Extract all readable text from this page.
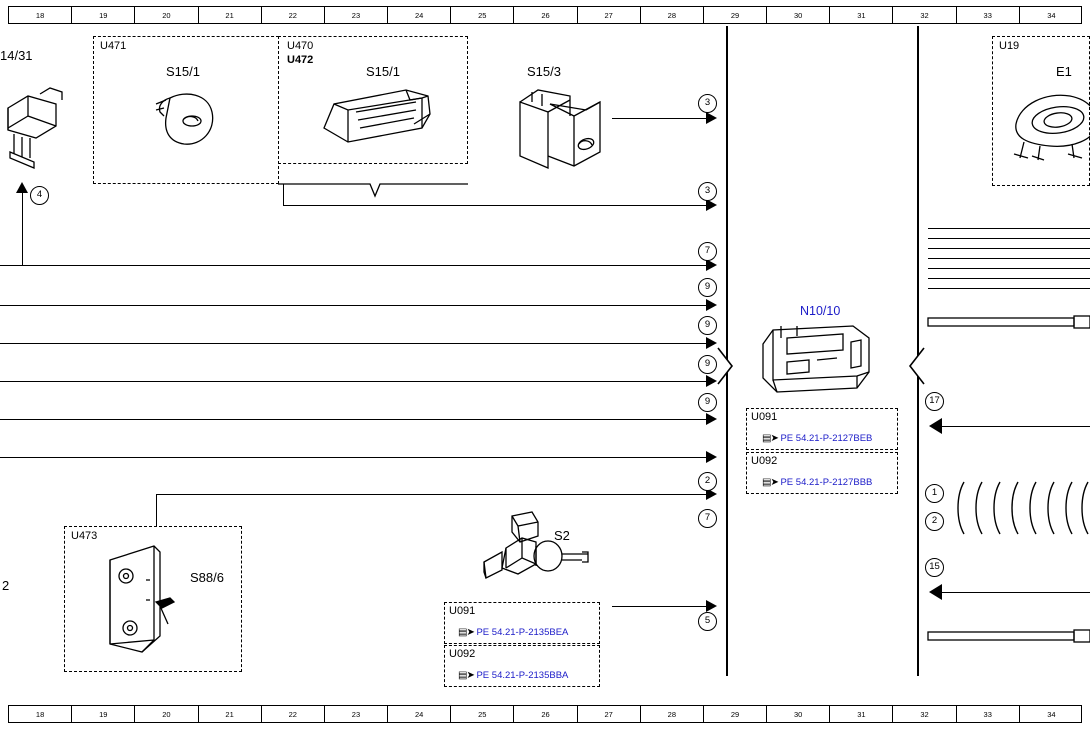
18	19	20	21	22	23	24	25	26	27	28	29	30	31	32	33	34
18	19	20	21	22	23	24	25	26	27	28	29	30	31	32	33	34
14/31
2
U471
S15/1
U470
U472
S15/1	S15/3
N10/10
S2
U473
S88/6
3
3
7
9
9
9
9
2
7
4
5
U091
▤➤ PE 54.21-P-2127BEB
U092
▤➤ PE 54.21-P-2127BBB
U091
▤➤ PE 54.21-P-2135BEA
U092
▤➤ PE 54.21-P-2135BBA
U19
E1
17
1
2
15
